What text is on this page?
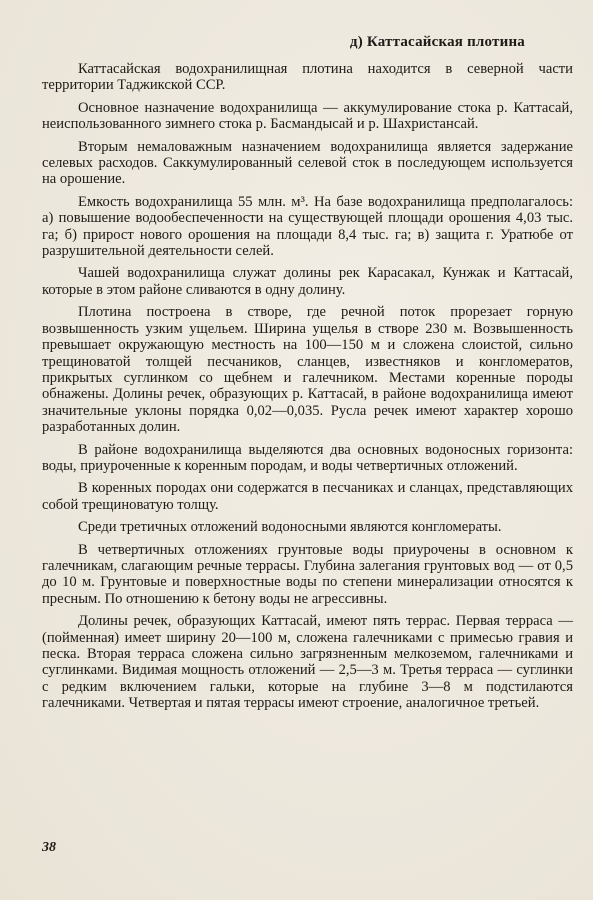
д) Каттасайская плотина

Каттасайская водохранилищная плотина находится в северной части территории Таджикской ССР.

Основное назначение водохранилища — аккумулирование стока р. Каттасай, неиспользованного зимнего стока р. Басмандысай и р. Шахристансай.

Вторым немаловажным назначением водохранилища является задержание селевых расходов. Саккумулированный селевой сток в последующем используется на орошение.

Емкость водохранилища 55 млн. м³. На базе водохранилища предполагалось: а) повышение водообеспеченности на существующей площади орошения 4,03 тыс. га; б) прирост нового орошения на площади 8,4 тыс. га; в) защита г. Уратюбе от разрушительной деятельности селей.

Чашей водохранилища служат долины рек Карасакал, Кунжак и Каттасай, которые в этом районе сливаются в одну долину.

Плотина построена в створе, где речной поток прорезает горную возвышенность узким ущельем. Ширина ущелья в створе 230 м. Возвышенность превышает окружающую местность на 100—150 м и сложена слоистой, сильно трещиноватой толщей песчаников, сланцев, известняков и конгломератов, прикрытых суглинком со щебнем и галечником. Местами коренные породы обнажены. Долины речек, образующих р. Каттасай, в районе водохранилища имеют значительные уклоны порядка 0,02—0,035. Русла речек имеют характер хорошо разработанных долин.

В районе водохранилища выделяются два основных водоносных горизонта: воды, приуроченные к коренным породам, и воды четвертичных отложений.

В коренных породах они содержатся в песчаниках и сланцах, представляющих собой трещиноватую толщу.

Среди третичных отложений водоносными являются конгломераты.

В четвертичных отложениях грунтовые воды приурочены в основном к галечникам, слагающим речные террасы. Глубина залегания грунтовых вод — от 0,5 до 10 м. Грунтовые и поверхностные воды по степени минерализации относятся к пресным. По отношению к бетону воды не агрессивны.

Долины речек, образующих Каттасай, имеют пять террас. Первая терраса — (пойменная) имеет ширину 20—100 м, сложена галечниками с примесью гравия и песка. Вторая терраса сложена сильно загрязненным мелкоземом, галечниками и суглинками. Видимая мощность отложений — 2,5—3 м. Третья терраса — суглинки с редким включением гальки, которые на глубине 3—8 м подстилаются галечниками. Четвертая и пятая террасы имеют строение, аналогичное третьей.

38
